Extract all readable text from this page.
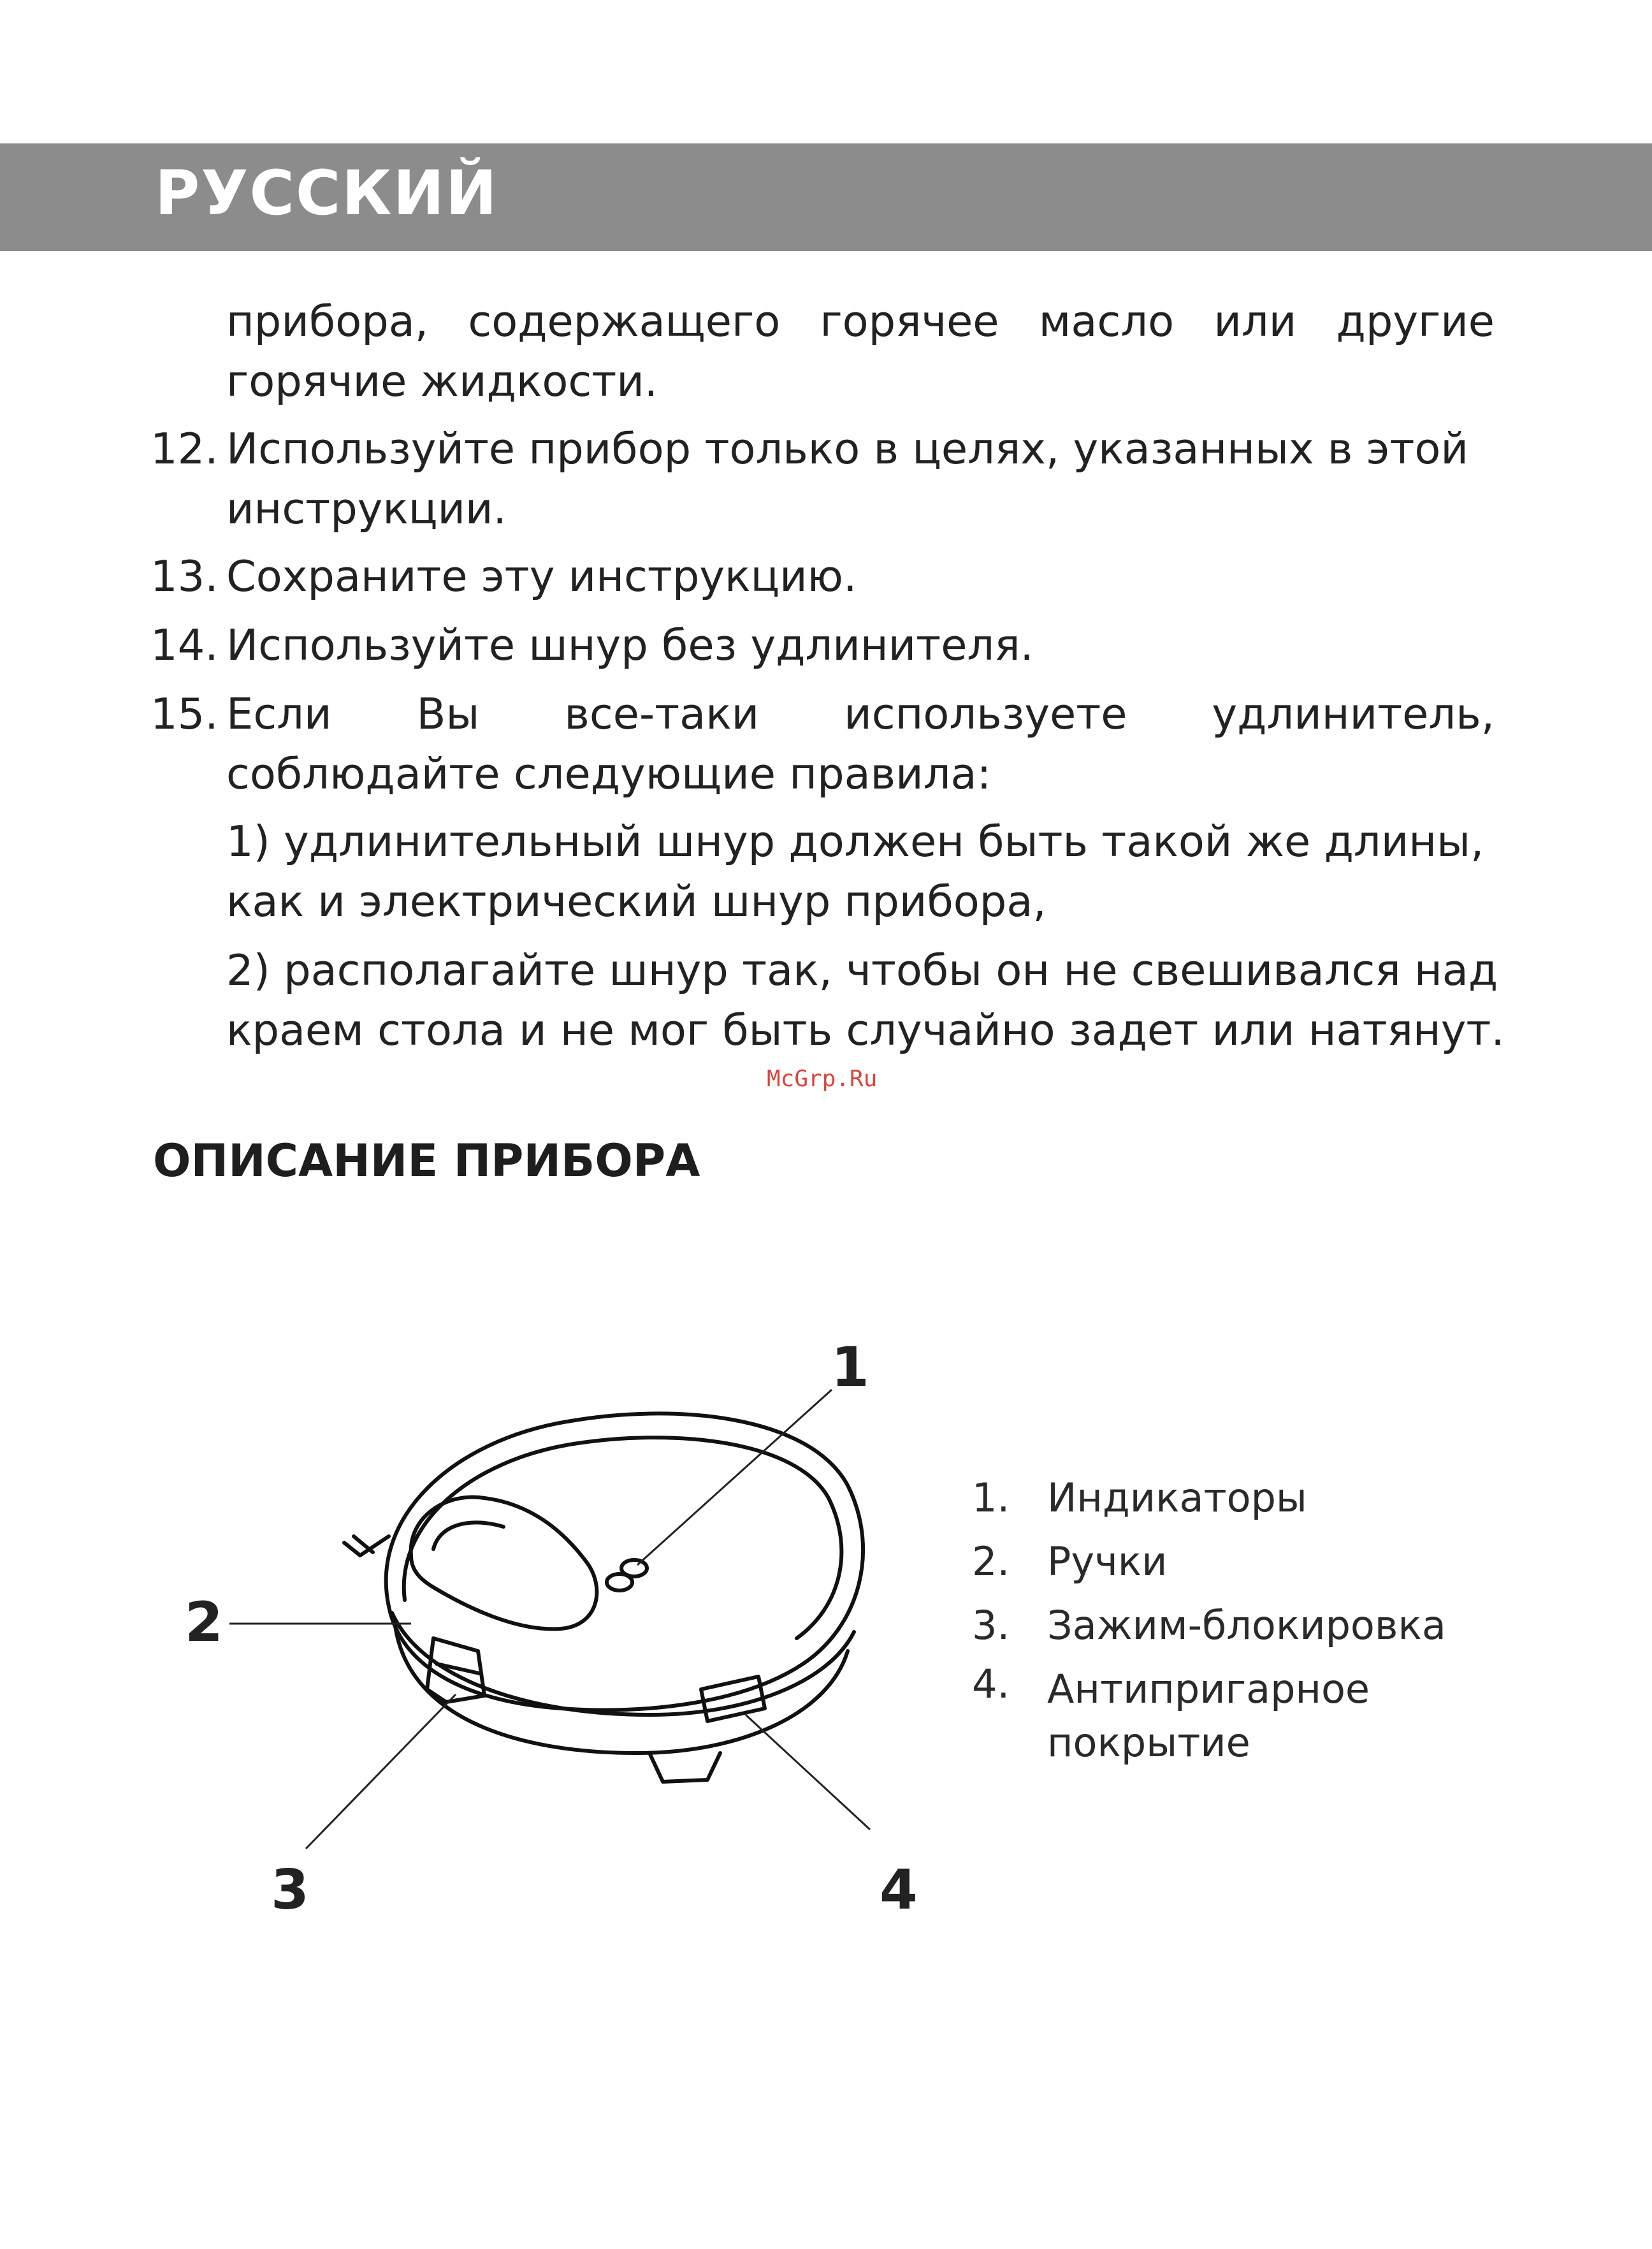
РУССКИЙ
прибора, содержащего горячее масло или другие
горячие жидкости.
12. Используйте прибор только в целях, указанных в этой
инструкции.
13. Сохраните эту инструкцию.
14. Используйте шнур без удлинителя.
15. Если Вы все-таки используете удлинитель,
соблюдайте следующие правила:
1) удлинительный шнур должен быть такой же длины,
как и электрический шнур прибора,
2) располагайте шнур так, чтобы он не свешивался над
краем стола и не мог быть случайно задет или натянут.
McGrp.Ru
ОПИСАНИЕ ПРИБОРА
1
2
3	4
1. Индикаторы
2. Ручки
3. Зажим-блокировка
4. Антипригарное
покрытие
